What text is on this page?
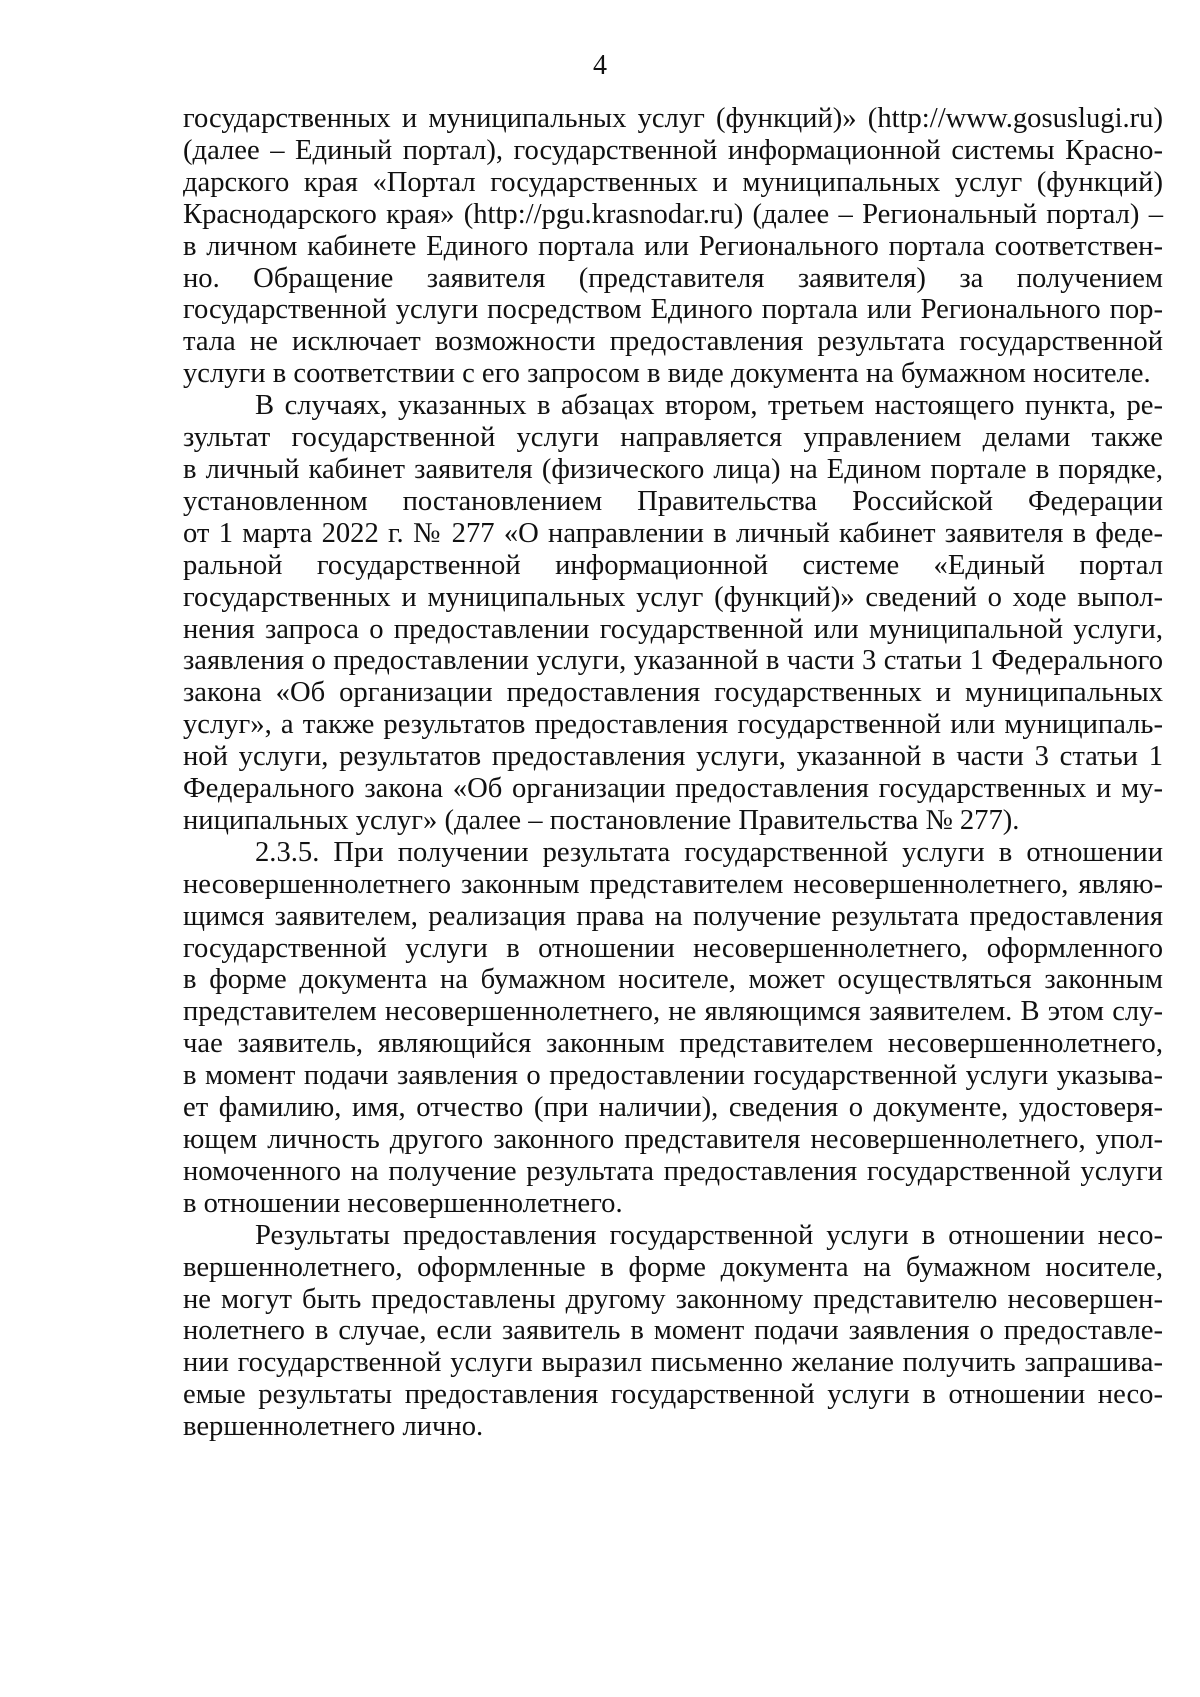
4

государственных и муниципальных услуг (функций)» (http://www.gosuslugi.ru)
(далее – Единый портал), государственной информационной системы Красно-
дарского края «Портал государственных и муниципальных услуг (функций)
Краснодарского края» (http://pgu.krasnodar.ru) (далее – Региональный портал) –
в личном кабинете Единого портала или Регионального портала соответствен-
но. Обращение заявителя (представителя заявителя) за получением
государственной услуги посредством Единого портала или Регионального пор-
тала не исключает возможности предоставления результата государственной
услуги в соответствии с его запросом в виде документа на бумажном носителе.

В случаях, указанных в абзацах втором, третьем настоящего пункта, ре-
зультат государственной услуги направляется управлением делами также
в личный кабинет заявителя (физического лица) на Едином портале в порядке,
установленном постановлением Правительства Российской Федерации
от 1 марта 2022 г. № 277 «О направлении в личный кабинет заявителя в феде-
ральной государственной информационной системе «Единый портал
государственных и муниципальных услуг (функций)» сведений о ходе выпол-
нения запроса о предоставлении государственной или муниципальной услуги,
заявления о предоставлении услуги, указанной в части 3 статьи 1 Федерального
закона «Об организации предоставления государственных и муниципальных
услуг», а также результатов предоставления государственной или муниципаль-
ной услуги, результатов предоставления услуги, указанной в части 3 статьи 1
Федерального закона «Об организации предоставления государственных и му-
ниципальных услуг» (далее – постановление Правительства № 277).

2.3.5. При получении результата государственной услуги в отношении
несовершеннолетнего законным представителем несовершеннолетнего, являю-
щимся заявителем, реализация права на получение результата предоставления
государственной услуги в отношении несовершеннолетнего, оформленного
в форме документа на бумажном носителе, может осуществляться законным
представителем несовершеннолетнего, не являющимся заявителем. В этом слу-
чае заявитель, являющийся законным представителем несовершеннолетнего,
в момент подачи заявления о предоставлении государственной услуги указыва-
ет фамилию, имя, отчество (при наличии), сведения о документе, удостоверя-
ющем личность другого законного представителя несовершеннолетнего, упол-
номоченного на получение результата предоставления государственной услуги
в отношении несовершеннолетнего.

Результаты предоставления государственной услуги в отношении несо-
вершеннолетнего, оформленные в форме документа на бумажном носителе,
не могут быть предоставлены другому законному представителю несовершен-
нолетнего в случае, если заявитель в момент подачи заявления о предоставле-
нии государственной услуги выразил письменно желание получить запрашива-
емые результаты предоставления государственной услуги в отношении несо-
вершеннолетнего лично.
